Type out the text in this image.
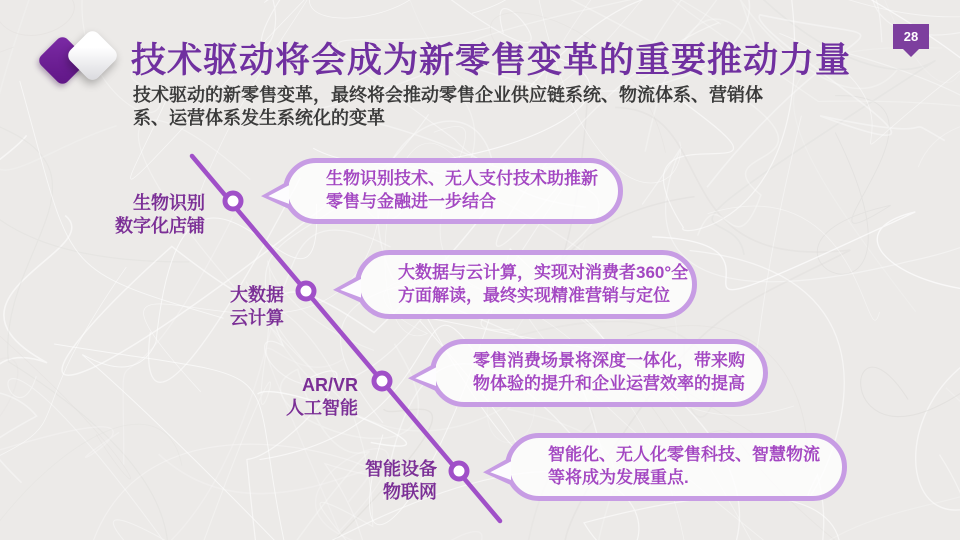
技术驱动将会成为新零售变革的重要推动力量
技术驱动的新零售变革，最终将会推动零售企业供应链系统、物流体系、营销体
系、运营体系发生系统化的变革
28
生物识别
数字化店铺
大数据
云计算
AR/VR
人工智能
智能设备
物联网
生物识别技术、无人支付技术助推新
零售与金融进一步结合
大数据与云计算，实现对消费者360°全
方面解读，最终实现精准营销与定位
零售消费场景将深度一体化，带来购
物体验的提升和企业运营效率的提高
智能化、无人化零售科技、智慧物流
等将成为发展重点.
